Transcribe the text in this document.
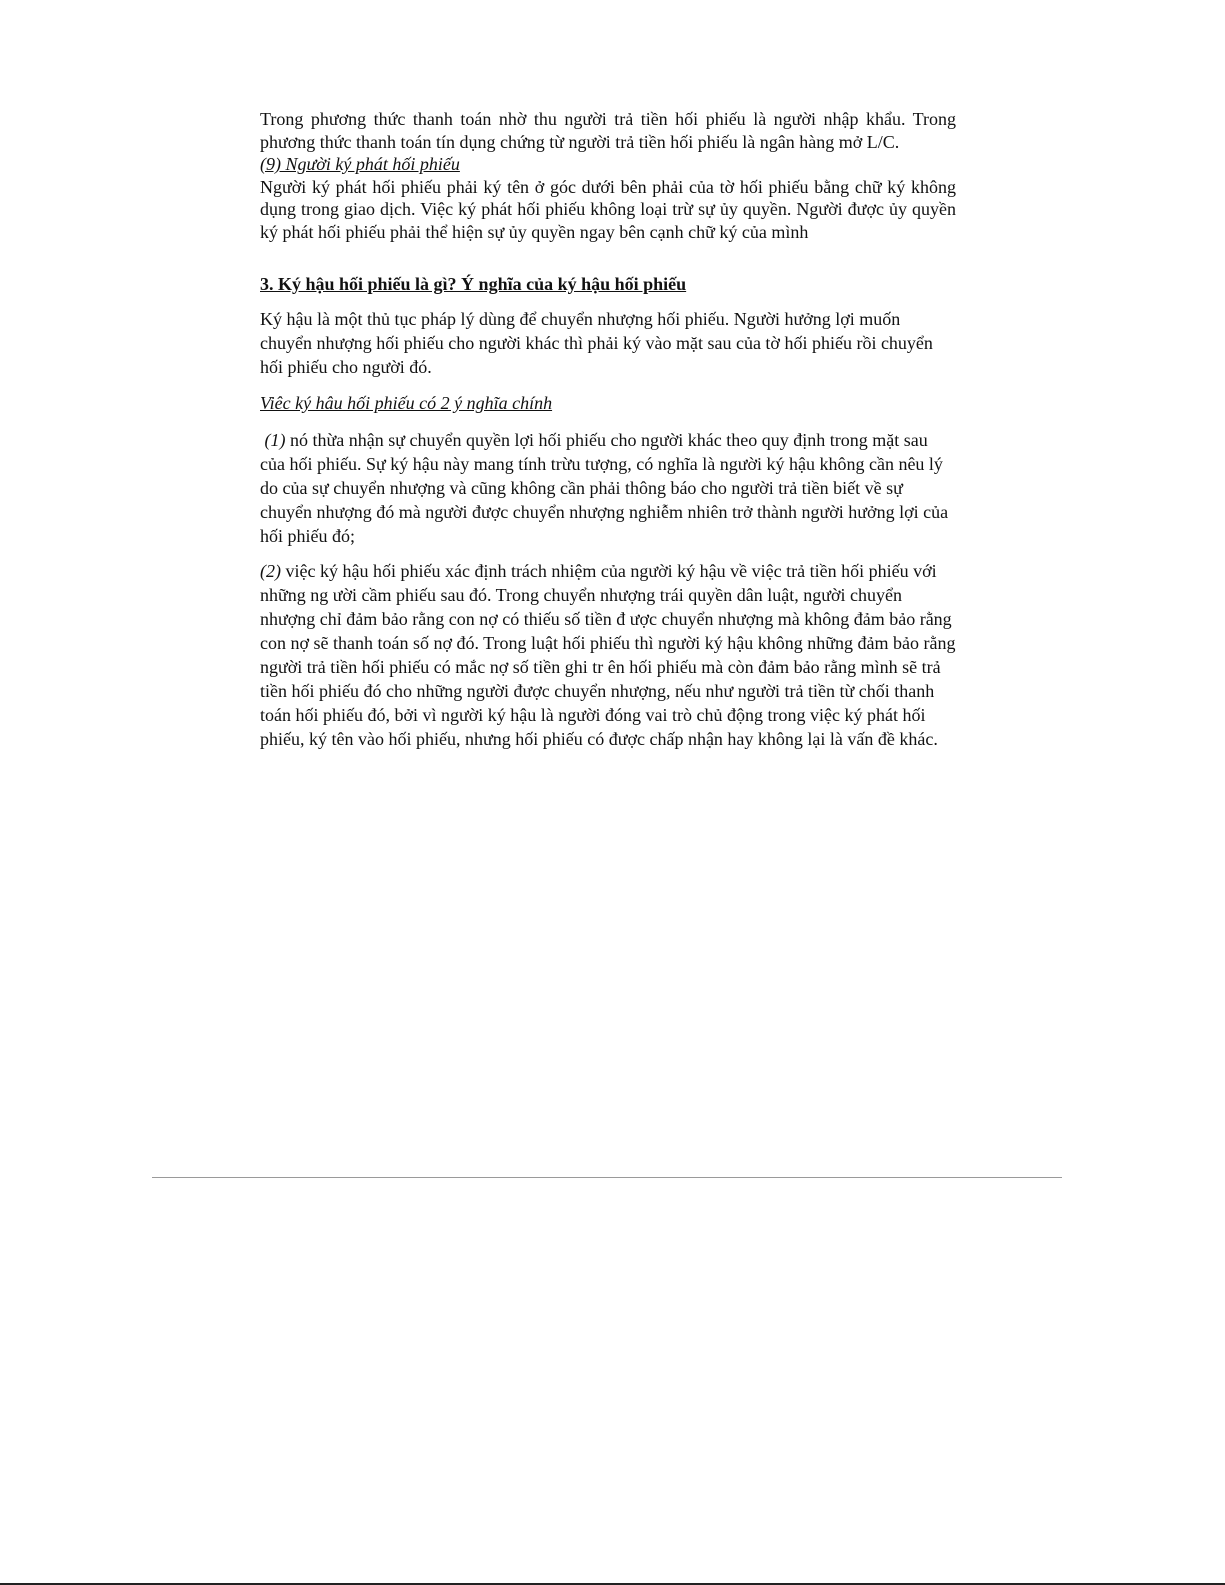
Trong phương thức thanh toán nhờ thu người trả tiền hối phiếu là người nhập khẩu. Trong phương thức thanh toán tín dụng chứng từ người trả tiền hối phiếu là ngân hàng mở L/C.

(9) Người ký phát hối phiếu

Người ký phát hối phiếu phải ký tên ở góc dưới bên phải của tờ hối phiếu bằng chữ ký không dụng trong giao dịch. Việc ký phát hối phiếu không loại trừ sự ủy quyền. Người được ủy quyền ký phát hối phiếu phải thể hiện sự ủy quyền ngay bên cạnh chữ ký của mình

3. Ký hậu hối phiếu là gì? Ý nghĩa của ký hậu hối phiếu

Ký hậu là một thủ tục pháp lý dùng để chuyển nhượng hối phiếu. Người hưởng lợi muốn chuyển nhượng hối phiếu cho người khác thì phải ký vào mặt sau của tờ hối phiếu rồi chuyển hối phiếu cho người đó.

Viêc ký hâu hối phiếu có 2 ý nghĩa chính

(1) nó thừa nhận sự chuyển quyền lợi hối phiếu cho người khác theo quy định trong mặt sau của hối phiếu. Sự ký hậu này mang tính trừu tượng, có nghĩa là người ký hậu không cần nêu lý do của sự chuyển nhượng và cũng không cần phải thông báo cho người trả tiền biết về sự chuyển nhượng đó mà người được chuyển nhượng nghiễm nhiên trở thành người hưởng lợi của hối phiếu đó;

(2) việc ký hậu hối phiếu xác định trách nhiệm của người ký hậu về việc trả tiền hối phiếu với những ng ười cầm phiếu sau đó. Trong chuyển nhượng trái quyền dân luật, người chuyển nhượng chỉ đảm bảo rằng con nợ có thiếu số tiền đ ược chuyển nhượng mà không đảm bảo rằng con nợ sẽ thanh toán số nợ đó. Trong luật hối phiếu thì người ký hậu không những đảm bảo rằng người trả tiền hối phiếu có mắc nợ số tiền ghi tr ên hối phiếu mà còn đảm bảo rằng mình sẽ trả tiền hối phiếu đó cho những người được chuyển nhượng, nếu như người trả tiền từ chối thanh toán hối phiếu đó, bởi vì người ký hậu là người đóng vai trò chủ động trong việc ký phát hối phiếu, ký tên vào hối phiếu, nhưng hối phiếu có được chấp nhận hay không lại là vấn đề khác.
